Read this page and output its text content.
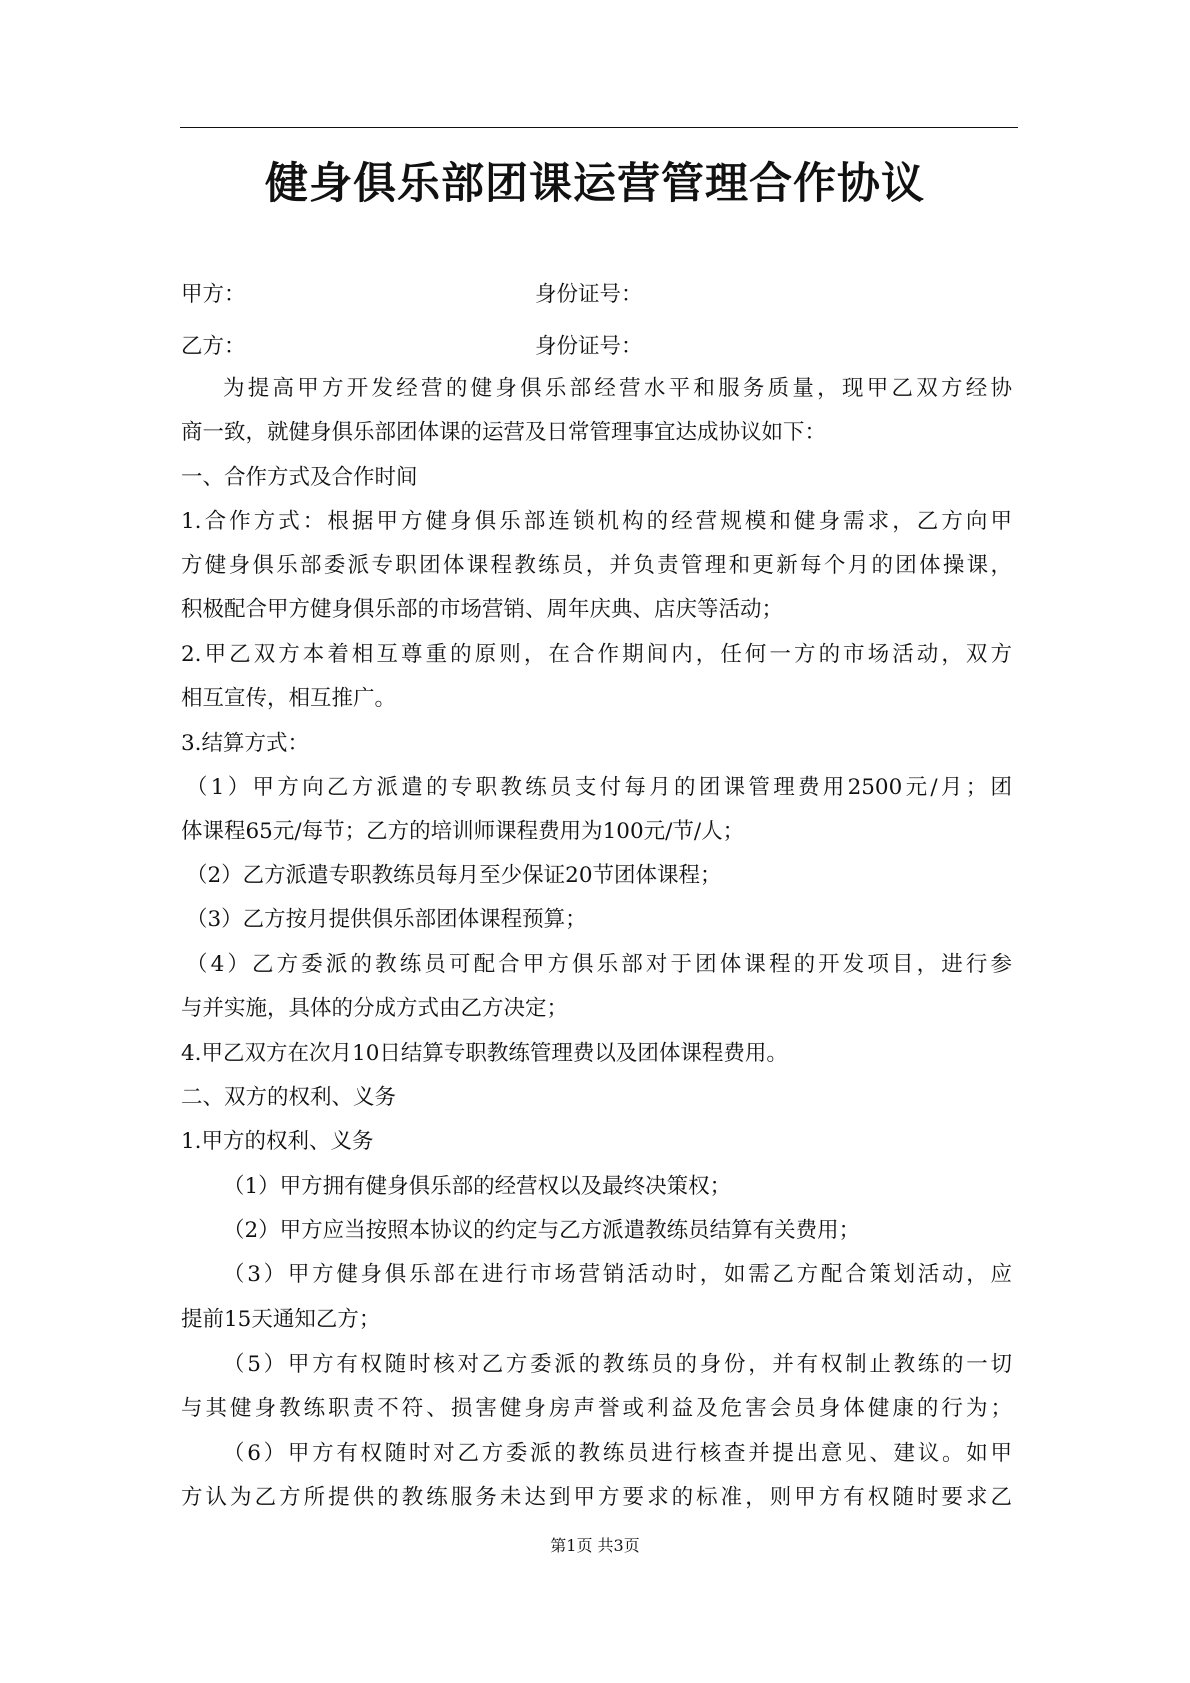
健身俱乐部团课运营管理合作协议
甲方：	身份证号：
乙方：	身份证号：
为提高甲方开发经营的健身俱乐部经营水平和服务质量，现甲乙双方经协
商一致，就健身俱乐部团体课的运营及日常管理事宜达成协议如下：
一、合作方式及合作时间
1.合作方式：根据甲方健身俱乐部连锁机构的经营规模和健身需求，乙方向甲
方健身俱乐部委派专职团体课程教练员，并负责管理和更新每个月的团体操课，
积极配合甲方健身俱乐部的市场营销、周年庆典、店庆等活动；
2.甲乙双方本着相互尊重的原则，在合作期间内，任何一方的市场活动，双方
相互宣传，相互推广。
3.结算方式：
（1）甲方向乙方派遣的专职教练员支付每月的团课管理费用2500元/月；团
体课程65元/每节；乙方的培训师课程费用为100元/节/人；
（2）乙方派遣专职教练员每月至少保证20节团体课程；
（3）乙方按月提供俱乐部团体课程预算；
（4）乙方委派的教练员可配合甲方俱乐部对于团体课程的开发项目，进行参
与并实施，具体的分成方式由乙方决定；
4.甲乙双方在次月10日结算专职教练管理费以及团体课程费用。
二、双方的权利、义务
1.甲方的权利、义务
（1）甲方拥有健身俱乐部的经营权以及最终决策权；
（2）甲方应当按照本协议的约定与乙方派遣教练员结算有关费用；
（3）甲方健身俱乐部在进行市场营销活动时，如需乙方配合策划活动，应
提前15天通知乙方；
（5）甲方有权随时核对乙方委派的教练员的身份，并有权制止教练的一切
与其健身教练职责不符、损害健身房声誉或利益及危害会员身体健康的行为；
（6）甲方有权随时对乙方委派的教练员进行核查并提出意见、建议。如甲
方认为乙方所提供的教练服务未达到甲方要求的标准，则甲方有权随时要求乙
第1页 共3页
